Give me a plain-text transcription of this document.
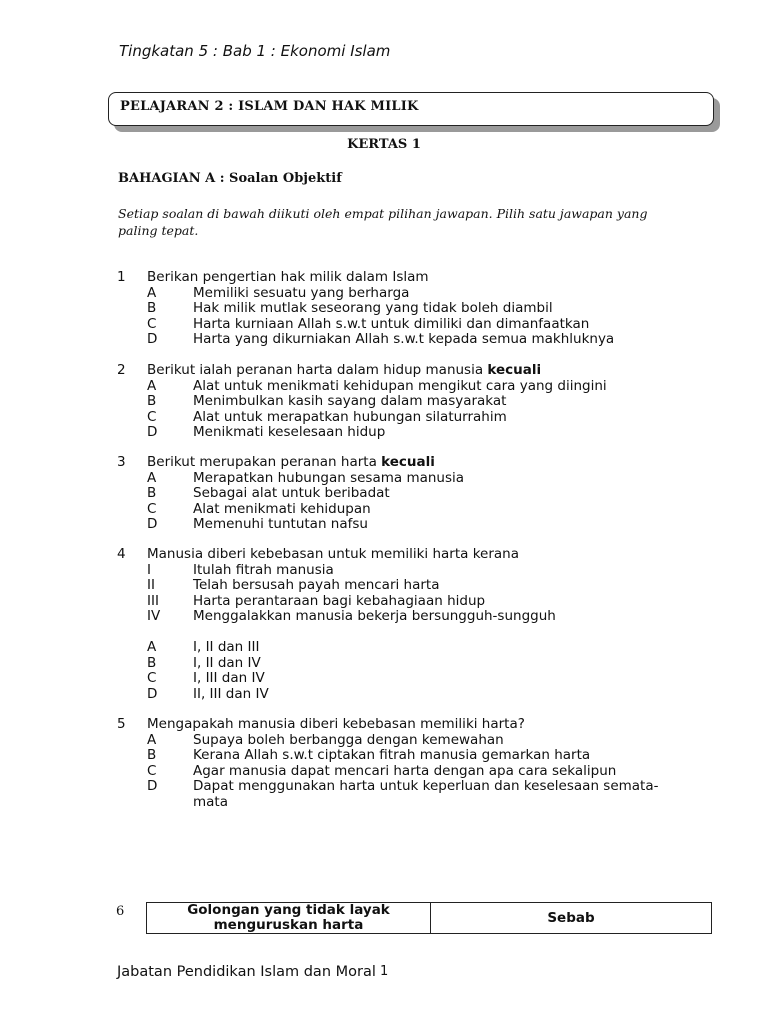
Tingkatan 5 : Bab 1 : Ekonomi Islam
PELAJARAN 2 : ISLAM DAN HAK MILIK
KERTAS 1
BAHAGIAN A : Soalan Objektif
Setiap soalan di bawah diikuti oleh empat pilihan jawapan. Pilih satu jawapan yang
paling tepat.
1 Berikan pengertian hak milik dalam Islam
A	Memiliki sesuatu yang berharga
B	Hak milik mutlak seseorang yang tidak boleh diambil
C	Harta kurniaan Allah s.w.t untuk dimiliki dan dimanfaatkan
D	Harta yang dikurniakan Allah s.w.t kepada semua makhluknya
2 Berikut ialah peranan harta dalam hidup manusia kecuali
A	Alat untuk menikmati kehidupan mengikut cara yang diingini
B	Menimbulkan kasih sayang dalam masyarakat
C	Alat untuk merapatkan hubungan silaturrahim
D	Menikmati keselesaan hidup
3 Berikut merupakan peranan harta kecuali
A	Merapatkan hubungan sesama manusia
B	Sebagai alat untuk beribadat
C	Alat menikmati kehidupan
D	Memenuhi tuntutan nafsu
4 Manusia diberi kebebasan untuk memiliki harta kerana
I	Itulah fitrah manusia
II	Telah bersusah payah mencari harta
III	Harta perantaraan bagi kebahagiaan hidup
IV Menggalakkan manusia bekerja bersungguh-sungguh
A	I, II dan III
B	I, II dan IV
C	I, III dan IV
D	II, III dan IV
5 Mengapakah manusia diberi kebebasan memiliki harta?
A	Supaya boleh berbangga dengan kemewahan
B	Kerana Allah s.w.t ciptakan fitrah manusia gemarkan harta
C	Agar manusia dapat mencari harta dengan apa cara sekalipun
D	Dapat menggunakan harta untuk keperluan dan keselesaan semata-
mata
6	Golongan yang tidak layak
menguruskan harta	Sebab
Jabatan Pendidikan Islam dan Moral 1
